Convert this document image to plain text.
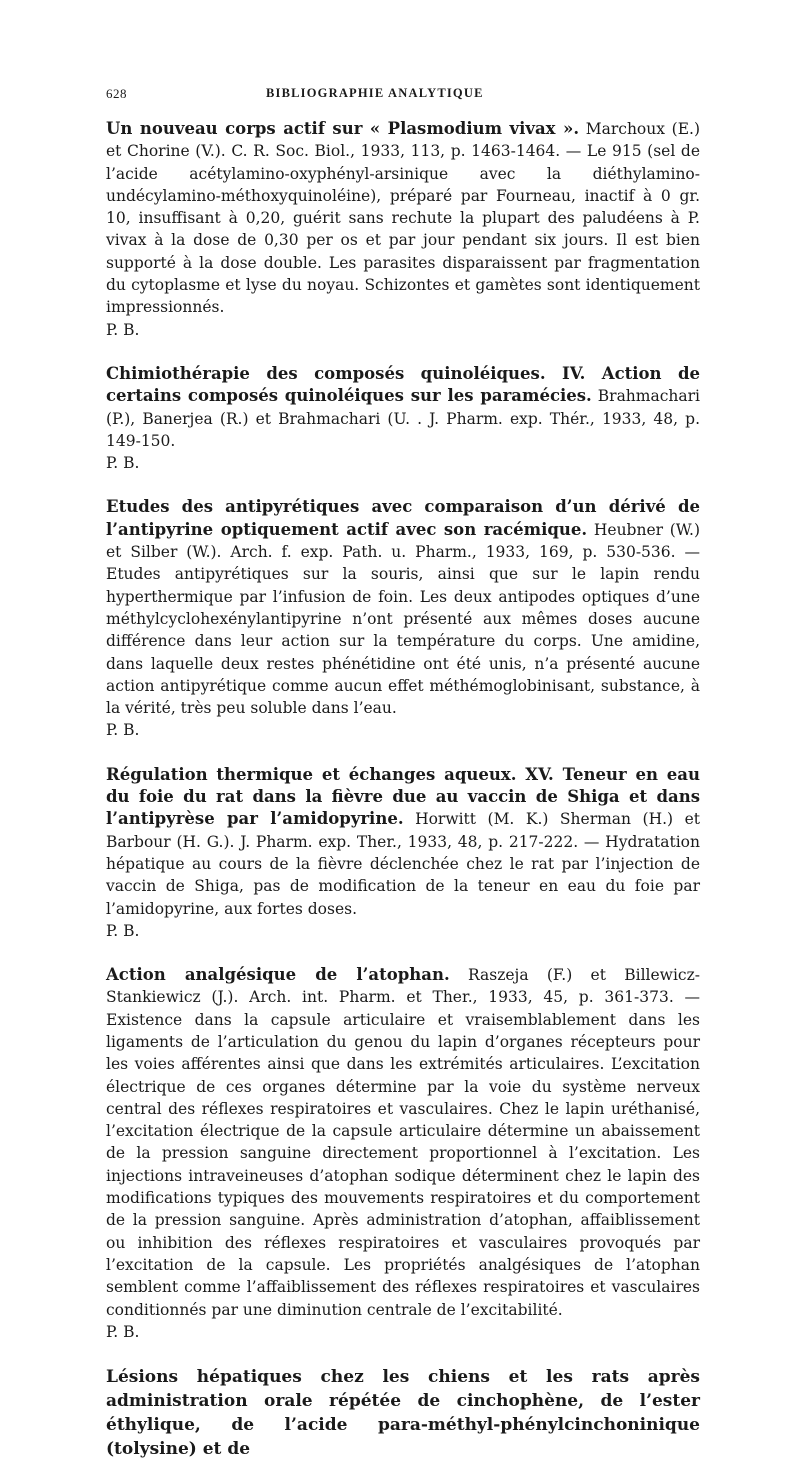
628	BIBLIOGRAPHIE ANALYTIQUE

Un nouveau corps actif sur « Plasmodium vivax ». Marchoux (E.) et Chorine (V.). C. R. Soc. Biol., 1933, 113, p. 1463-1464. — Le 915 (sel de l’acide acétylamino-oxyphényl-arsinique avec la diéthylamino-undécylamino-méthoxyquinoléine), préparé par Fourneau, inactif à 0 gr. 10, insuffisant à 0,20, guérit sans rechute la plupart des paludéens à P. vivax à la dose de 0,30 per os et par jour pendant six jours. Il est bien supporté à la dose double. Les parasites disparaissent par fragmentation du cytoplasme et lyse du noyau. Schizontes et gamètes sont identiquement impressionnés.

P. B.

Chimiothérapie des composés quinoléiques. IV. Action de certains composés quinoléiques sur les paramécies. Brahmachari (P.), Banerjea (R.) et Brahmachari (U. . J. Pharm. exp. Thér., 1933, 48, p. 149-150.

P. B.

Etudes des antipyrétiques avec comparaison d’un dérivé de l’antipyrine optiquement actif avec son racémique. Heubner (W.) et Silber (W.). Arch. f. exp. Path. u. Pharm., 1933, 169, p. 530-536. — Etudes antipyrétiques sur la souris, ainsi que sur le lapin rendu hyperthermique par l’infusion de foin. Les deux antipodes optiques d’une méthylcyclohexénylantipyrine n’ont présenté aux mêmes doses aucune différence dans leur action sur la température du corps. Une amidine, dans laquelle deux restes phénétidine ont été unis, n’a présenté aucune action antipyrétique comme aucun effet méthémoglobinisant, substance, à la vérité, très peu soluble dans l’eau.

P. B.

Régulation thermique et échanges aqueux. XV. Teneur en eau du foie du rat dans la fièvre due au vaccin de Shiga et dans l’antipyrèse par l’amidopyrine. Horwitt (M. K.) Sherman (H.) et Barbour (H. G.). J. Pharm. exp. Ther., 1933, 48, p. 217-222. — Hydratation hépatique au cours de la fièvre déclenchée chez le rat par l’injection de vaccin de Shiga, pas de modification de la teneur en eau du foie par l’amidopyrine, aux fortes doses.

P. B.

Action analgésique de l’atophan. Raszeja (F.) et Billewicz-Stankiewicz (J.). Arch. int. Pharm. et Ther., 1933, 45, p. 361-373. — Existence dans la capsule articulaire et vraisemblablement dans les ligaments de l’articulation du genou du lapin d’organes récepteurs pour les voies afférentes ainsi que dans les extrémités articulaires. L’excitation électrique de ces organes détermine par la voie du système nerveux central des réflexes respiratoires et vasculaires. Chez le lapin uréthanisé, l’excitation électrique de la capsule articulaire détermine un abaissement de la pression sanguine directement proportionnel à l’excitation. Les injections intraveineuses d’atophan sodique déterminent chez le lapin des modifications typiques des mouvements respiratoires et du comportement de la pression sanguine. Après administration d’atophan, affaiblissement ou inhibition des réflexes respiratoires et vasculaires provoqués par l’excitation de la capsule. Les propriétés analgésiques de l’atophan semblent comme l’affaiblissement des réflexes respiratoires et vasculaires conditionnés par une diminution centrale de l’excitabilité.

P. B.

Lésions hépatiques chez les chiens et les rats après administration orale répétée de cinchophène, de l’ester éthylique, de l’acide para-méthyl-phénylcinchoninique (tolysine) et de
